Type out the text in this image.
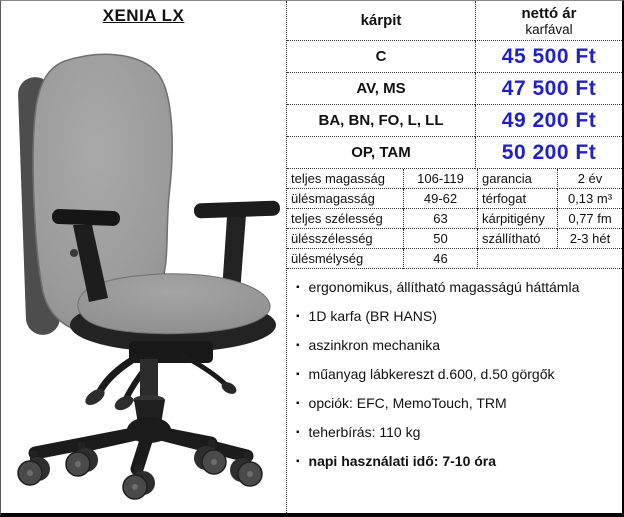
XENIA LX	kárpit	nettó ár
karfával
C	45 500 Ft
AV, MS	47 500 Ft
BA, BN, FO, L, LL	49 200 Ft
OP, TAM	50 200 Ft
teljes magasság	106-119	garancia	2 év
ülésmagasság	49-62	térfogat	0,13 m³
teljes szélesség	63	kárpitigény	0,77 fm
ülésszélesség	50	szállítható	2-3 hét
ülésmélység	46
▪ ergonomikus, állítható magasságú háttámla
▪ 1D karfa (BR HANS)
▪ aszinkron mechanika
▪ műanyag lábkereszt d.600, d.50 görgők
▪ opciók: EFC, MemoTouch, TRM
▪ teherbírás: 110 kg
▪ napi használati idő: 7-10 óra
